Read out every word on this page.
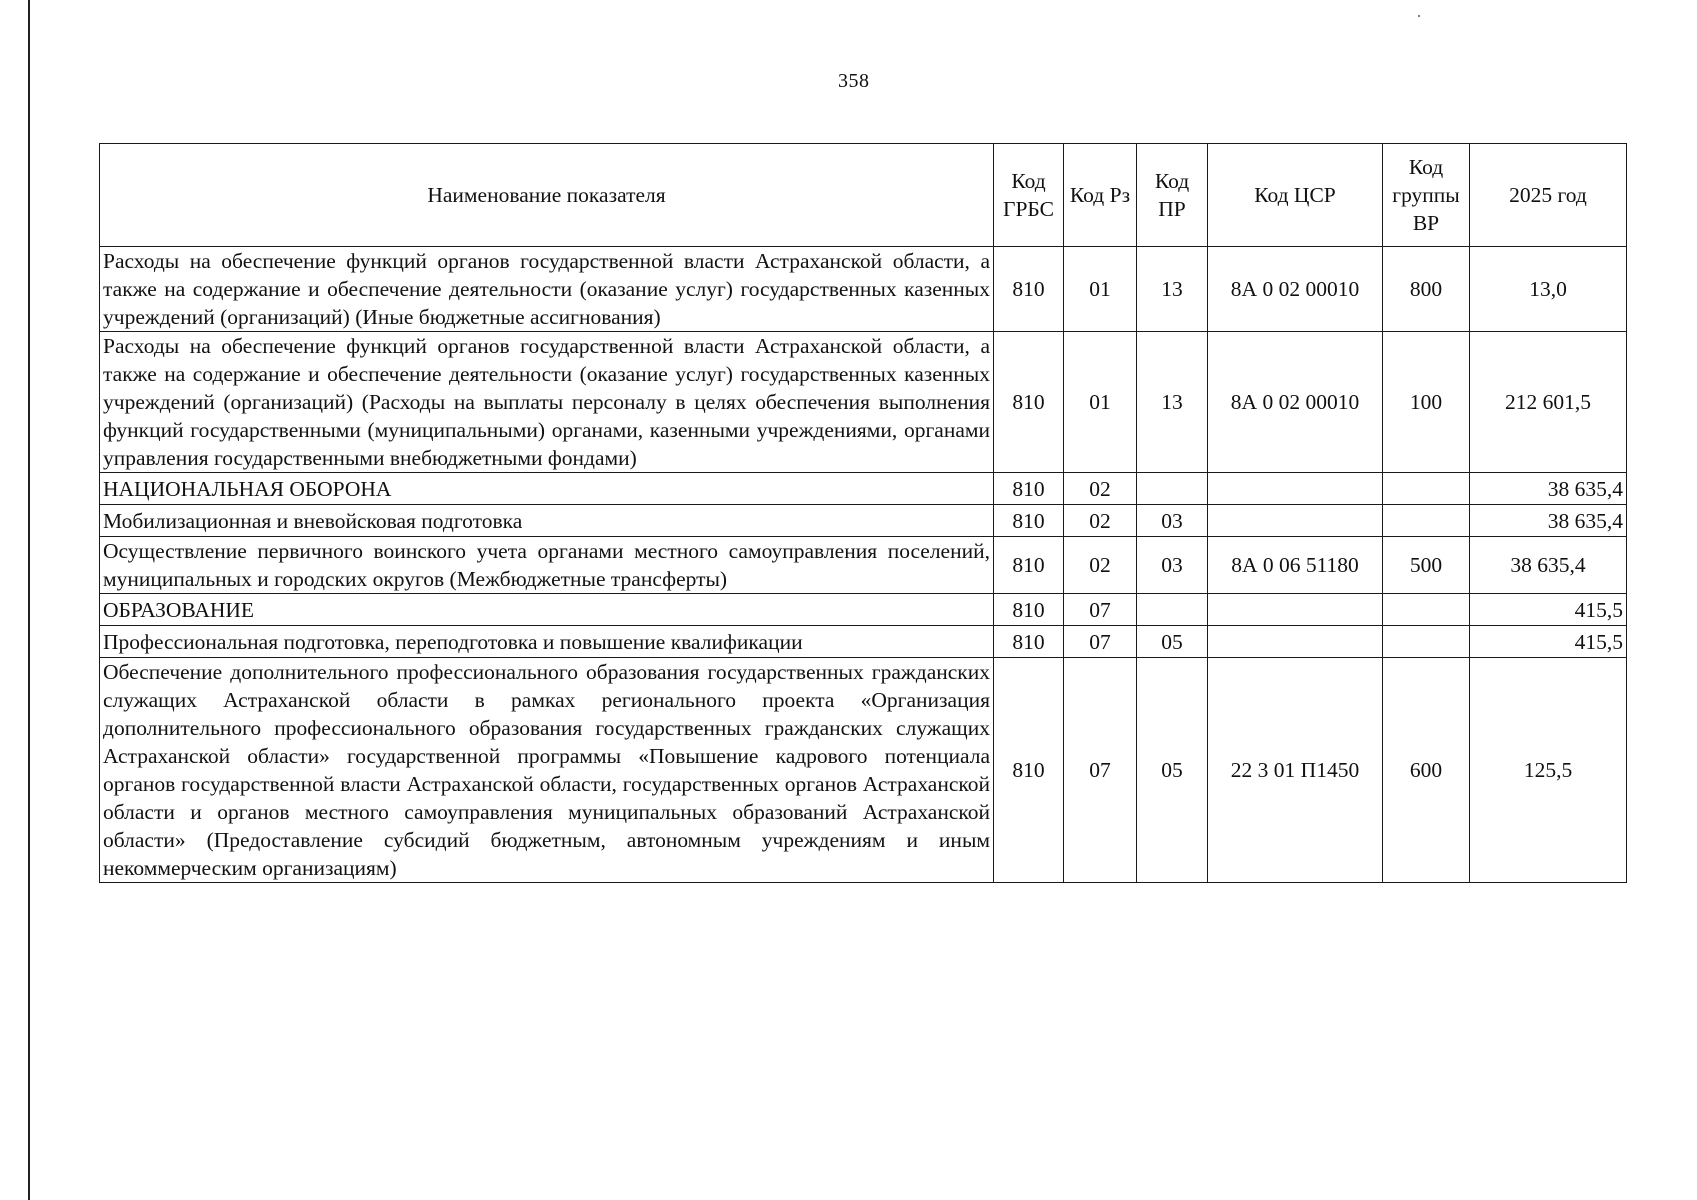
358
Наименование показателя	Код ГРБС	Код Рз	Код ПР	Код ЦСР	Код группы ВР	2025 год
Расходы на обеспечение функций органов государственной власти Астраханской области, а также на содержание и обеспечение деятельности (оказание услуг) государственных казенных учреждений (организаций) (Иные бюджетные ассигнования)	810	01	13	8А 0 02 00010	800	13,0
Расходы на обеспечение функций органов государственной власти Астраханской области, а также на содержание и обеспечение деятельности (оказание услуг) государственных казенных учреждений (организаций) (Расходы на выплаты персоналу в целях обеспечения выполнения функций государственными (муниципальными) органами, казенными учреждениями, органами управления государственными внебюджетными фондами)	810	01	13	8А 0 02 00010	100	212 601,5
НАЦИОНАЛЬНАЯ ОБОРОНА	810	02				38 635,4
Мобилизационная и вневойсковая подготовка	810	02	03			38 635,4
Осуществление первичного воинского учета органами местного самоуправления поселений, муниципальных и городских округов (Межбюджетные трансферты)	810	02	03	8А 0 06 51180	500	38 635,4
ОБРАЗОВАНИЕ	810	07				415,5
Профессиональная подготовка, переподготовка и повышение квалификации	810	07	05			415,5
Обеспечение дополнительного профессионального образования государственных гражданских служащих Астраханской области в рамках регионального проекта «Организация дополнительного профессионального образования государственных гражданских служащих Астраханской области» государственной программы «Повышение кадрового потенциала органов государственной власти Астраханской области, государственных органов Астраханской области и органов местного самоуправления муниципальных образований Астраханской области» (Предоставление субсидий бюджетным, автономным учреждениям и иным некоммерческим организациям)	810	07	05	22 3 01 П1450	600	125,5
